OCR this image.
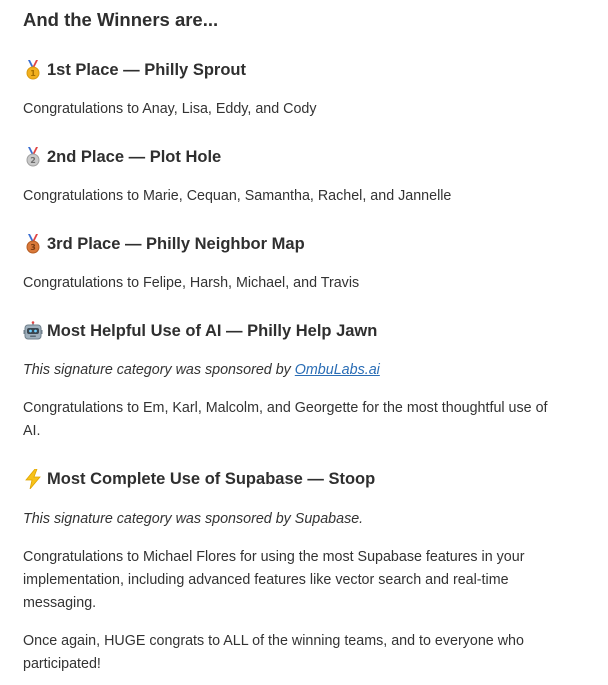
And the Winners are...
1 1st Place — Philly Sprout

Congratulations to Anay, Lisa, Eddy, and Cody

2 2nd Place — Plot Hole

Congratulations to Marie, Cequan, Samantha, Rachel, and Jannelle

3 3rd Place — Philly Neighbor Map

Congratulations to Felipe, Harsh, Michael, and Travis

Most Helpful Use of AI — Philly Help Jawn

This signature category was sponsored by OmbuLabs.ai

Congratulations to Em, Karl, Malcolm, and Georgette for the most thoughtful use of AI.

Most Complete Use of Supabase — Stoop

This signature category was sponsored by Supabase.

Congratulations to Michael Flores for using the most Supabase features in your implementation, including advanced features like vector search and real-time messaging.

Once again, HUGE congrats to ALL of the winning teams, and to everyone who participated!
